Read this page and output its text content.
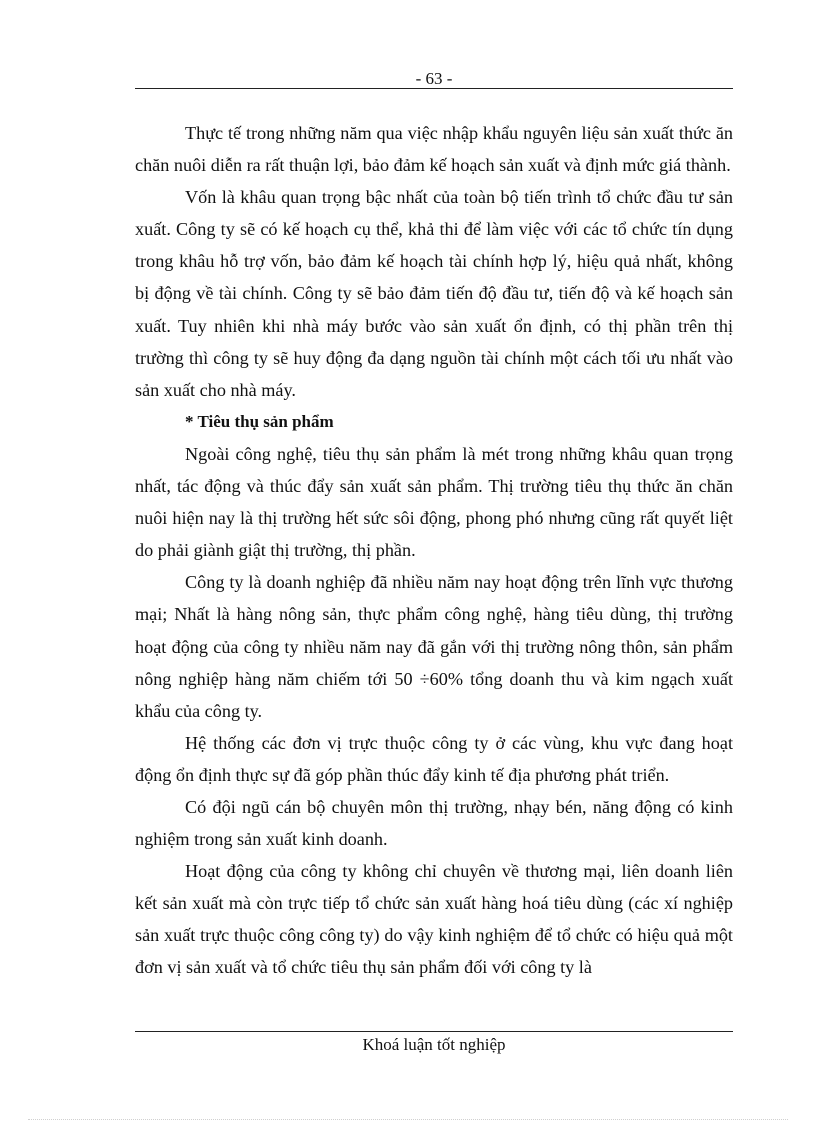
- 63 -

Thực tế trong những năm qua việc nhập khẩu nguyên liệu sản xuất thức ăn chăn nuôi diễn ra rất thuận lợi, bảo đảm kế hoạch sản xuất và định mức giá thành.

Vốn là khâu quan trọng bậc nhất của toàn bộ tiến trình tổ chức đầu tư sản xuất. Công ty sẽ có kế hoạch cụ thể, khả thi để làm việc với các tổ chức tín dụng trong khâu hỗ trợ vốn, bảo đảm kế hoạch tài chính hợp lý, hiệu quả nhất, không bị động về tài chính. Công ty sẽ bảo đảm tiến độ đầu tư, tiến độ và kế hoạch sản xuất. Tuy nhiên khi nhà máy bước vào sản xuất ổn định, có thị phần trên thị trường thì công ty sẽ huy động đa dạng nguồn tài chính một cách tối ưu nhất vào sản xuất cho nhà máy.

* Tiêu thụ sản phẩm

Ngoài công nghệ, tiêu thụ sản phẩm là mét trong những khâu quan trọng nhất, tác động và thúc đẩy sản xuất sản phẩm. Thị trường tiêu thụ thức ăn chăn nuôi hiện nay là thị trường hết sức sôi động, phong phó nhưng cũng rất quyết liệt do phải giành giật thị trường, thị phần.

Công ty là doanh nghiệp đã nhiều năm nay hoạt động trên lĩnh vực thương mại; Nhất là hàng nông sản, thực phẩm công nghệ, hàng tiêu dùng, thị trường hoạt động của công ty nhiều năm nay đã gắn với thị trường nông thôn, sản phẩm nông nghiệp hàng năm chiếm tới 50 ÷60% tổng doanh thu và kim ngạch xuất khẩu của công ty.

Hệ thống các đơn vị trực thuộc công ty ở các vùng, khu vực đang hoạt động ổn định thực sự đã góp phần thúc đẩy kinh tế địa phương phát triển.

Có đội ngũ cán bộ chuyên môn thị trường, nhạy bén, năng động có kinh nghiệm trong sản xuất kinh doanh.

Hoạt động của công ty không chỉ chuyên về thương mại, liên doanh liên kết sản xuất mà còn trực tiếp tổ chức sản xuất hàng hoá tiêu dùng (các xí nghiệp sản xuất trực thuộc công công ty) do vậy kinh nghiệm để tổ chức có hiệu quả một đơn vị sản xuất và tổ chức tiêu thụ sản phẩm đối với công ty là

Khoá luận tốt nghiệp
